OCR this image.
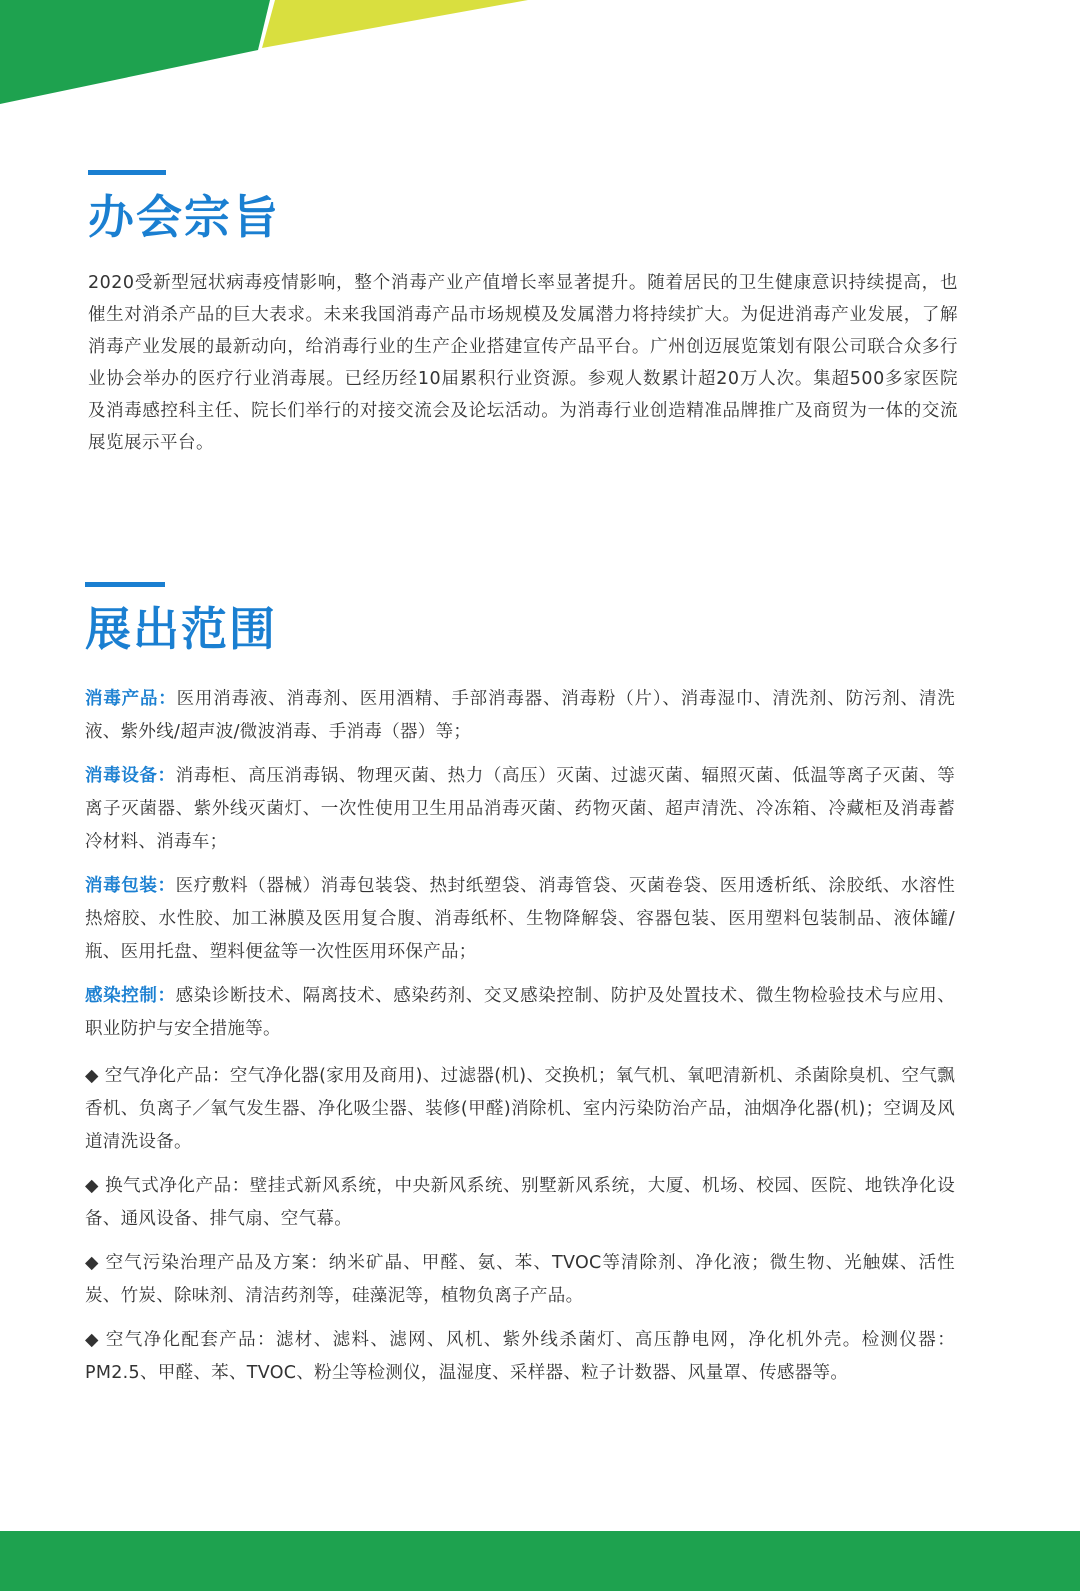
办会宗旨

2020受新型冠状病毒疫情影响，整个消毒产业产值增长率显著提升。随着居民的卫生健康意识持续提高，也催生对消杀产品的巨大表求。未来我国消毒产品市场规模及发属潜力将持续扩大。为促进消毒产业发展，了解消毒产业发展的最新动向，给消毒行业的生产企业搭建宣传产品平台。广州创迈展览策划有限公司联合众多行业协会举办的医疗行业消毒展。已经历经10届累积行业资源。参观人数累计超20万人次。集超500多家医院及消毒感控科主任、院长们举行的对接交流会及论坛活动。为消毒行业创造精准品牌推广及商贸为一体的交流展览展示平台。

展出范围

消毒产品：医用消毒液、消毒剂、医用酒精、手部消毒器、消毒粉（片）、消毒湿巾、清洗剂、防污剂、清洗液、紫外线/超声波/微波消毒、手消毒（器）等；

消毒设备：消毒柜、高压消毒锅、物理灭菌、热力（高压）灭菌、过滤灭菌、辐照灭菌、低温等离子灭菌、等离子灭菌器、紫外线灭菌灯、一次性使用卫生用品消毒灭菌、药物灭菌、超声清洗、冷冻箱、冷藏柜及消毒蓄冷材料、消毒车；

消毒包装：医疗敷料（器械）消毒包装袋、热封纸塑袋、消毒管袋、灭菌卷袋、医用透析纸、涂胶纸、水溶性热熔胶、水性胶、加工淋膜及医用复合腹、消毒纸杯、生物降解袋、容器包装、医用塑料包装制品、液体罐/瓶、医用托盘、塑料便盆等一次性医用环保产品；

感染控制：感染诊断技术、隔离技术、感染药剂、交叉感染控制、防护及处置技术、微生物检验技术与应用、职业防护与安全措施等。

◆ 空气净化产品：空气净化器(家用及商用)、过滤器(机)、交换机；氧气机、氧吧清新机、杀菌除臭机、空气飘香机、负离子／氧气发生器、净化吸尘器、装修(甲醛)消除机、室内污染防治产品，油烟净化器(机)；空调及风道清洗设备。

◆ 换气式净化产品：壁挂式新风系统，中央新风系统、别墅新风系统，大厦、机场、校园、医院、地铁净化设备、通风设备、排气扇、空气幕。

◆ 空气污染治理产品及方案：纳米矿晶、甲醛、氨、苯、TVOC等清除剂、净化液；微生物、光触媒、活性炭、竹炭、除味剂、清洁药剂等，硅藻泥等，植物负离子产品。

◆ 空气净化配套产品：滤材、滤料、滤网、风机、紫外线杀菌灯、高压静电网，净化机外壳。检测仪器：PM2.5、甲醛、苯、TVOC、粉尘等检测仪，温湿度、采样器、粒子计数器、风量罩、传感器等。
